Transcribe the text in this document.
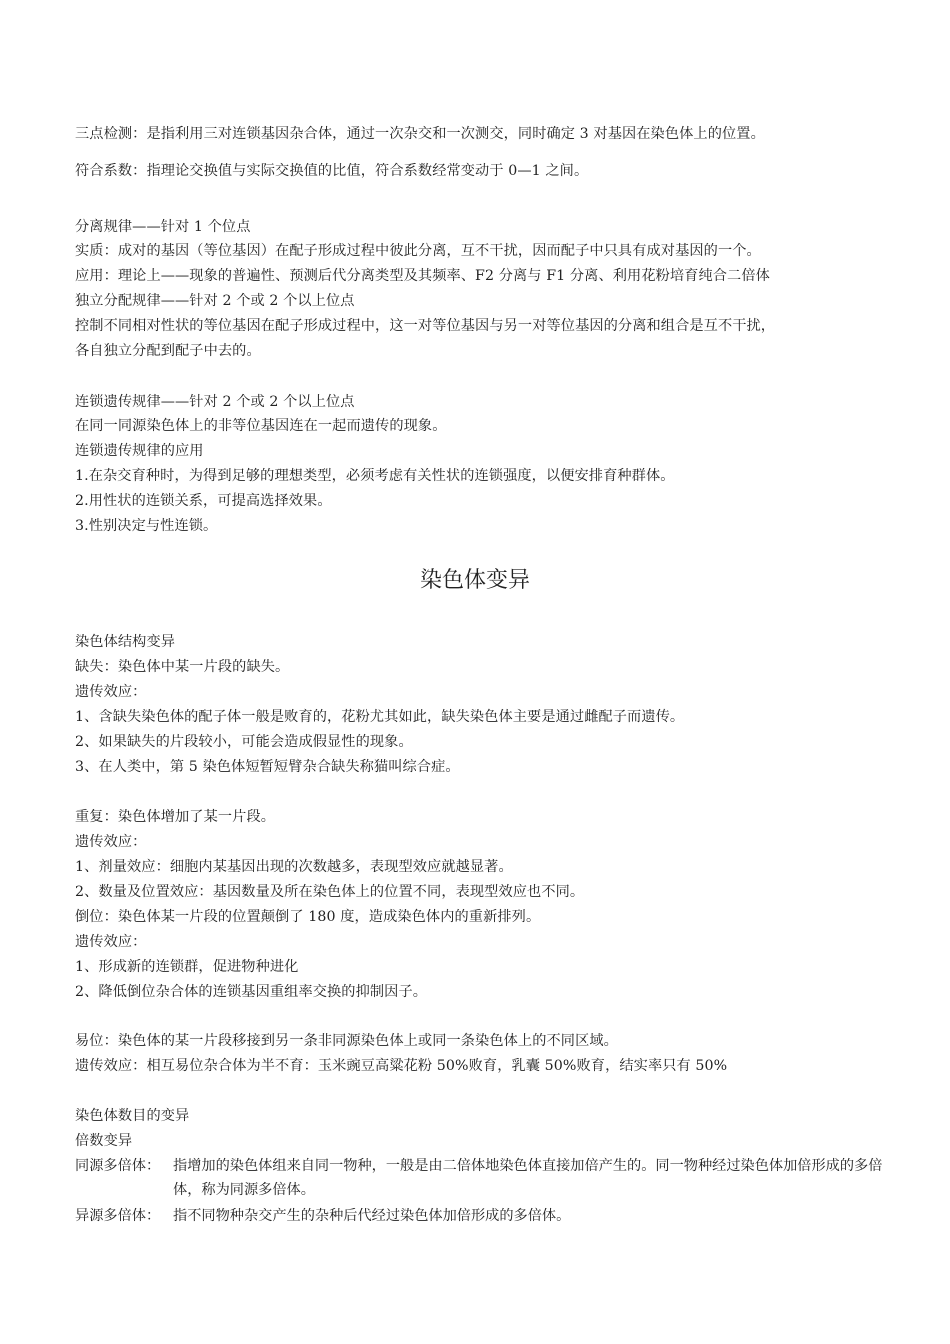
三点检测：是指利用三对连锁基因杂合体，通过一次杂交和一次测交，同时确定 3 对基因在染色体上的位置。
符合系数：指理论交换值与实际交换值的比值，符合系数经常变动于 0—1 之间。
分离规律——针对 1 个位点
实质：成对的基因（等位基因）在配子形成过程中彼此分离，互不干扰，因而配子中只具有成对基因的一个。
应用：理论上——现象的普遍性、预测后代分离类型及其频率、F2 分离与 F1 分离、利用花粉培育纯合二倍体
独立分配规律——针对 2 个或 2 个以上位点
控制不同相对性状的等位基因在配子形成过程中，这一对等位基因与另一对等位基因的分离和组合是互不干扰，
各自独立分配到配子中去的。
连锁遗传规律——针对 2 个或 2 个以上位点
在同一同源染色体上的非等位基因连在一起而遗传的现象。
连锁遗传规律的应用
1.在杂交育种时，为得到足够的理想类型，必须考虑有关性状的连锁强度，以便安排育种群体。
2.用性状的连锁关系，可提高选择效果。
3.性别决定与性连锁。
染色体变异
染色体结构变异
缺失：染色体中某一片段的缺失。
遗传效应：
1、含缺失染色体的配子体一般是败育的，花粉尤其如此，缺失染色体主要是通过雌配子而遗传。
2、如果缺失的片段较小，可能会造成假显性的现象。
3、在人类中，第 5 染色体短暂短臂杂合缺失称猫叫综合症。
重复：染色体增加了某一片段。
遗传效应：
1、剂量效应：细胞内某基因出现的次数越多，表现型效应就越显著。
2、数量及位置效应：基因数量及所在染色体上的位置不同，表现型效应也不同。
倒位：染色体某一片段的位置颠倒了 180 度，造成染色体内的重新排列。
遗传效应：
1、形成新的连锁群，促进物种进化
2、降低倒位杂合体的连锁基因重组率交换的抑制因子。
易位：染色体的某一片段移接到另一条非同源染色体上或同一条染色体上的不同区域。
遗传效应：相互易位杂合体为半不育：玉米豌豆高粱花粉 50%败育，乳囊 50%败育，结实率只有 50%
染色体数目的变异
倍数变异
同源多倍体： 指增加的染色体组来自同一物种，一般是由二倍体地染色体直接加倍产生的。同一物种经过染色体加倍形成的多倍体，称为同源多倍体。
异源多倍体： 指不同物种杂交产生的杂种后代经过染色体加倍形成的多倍体。
